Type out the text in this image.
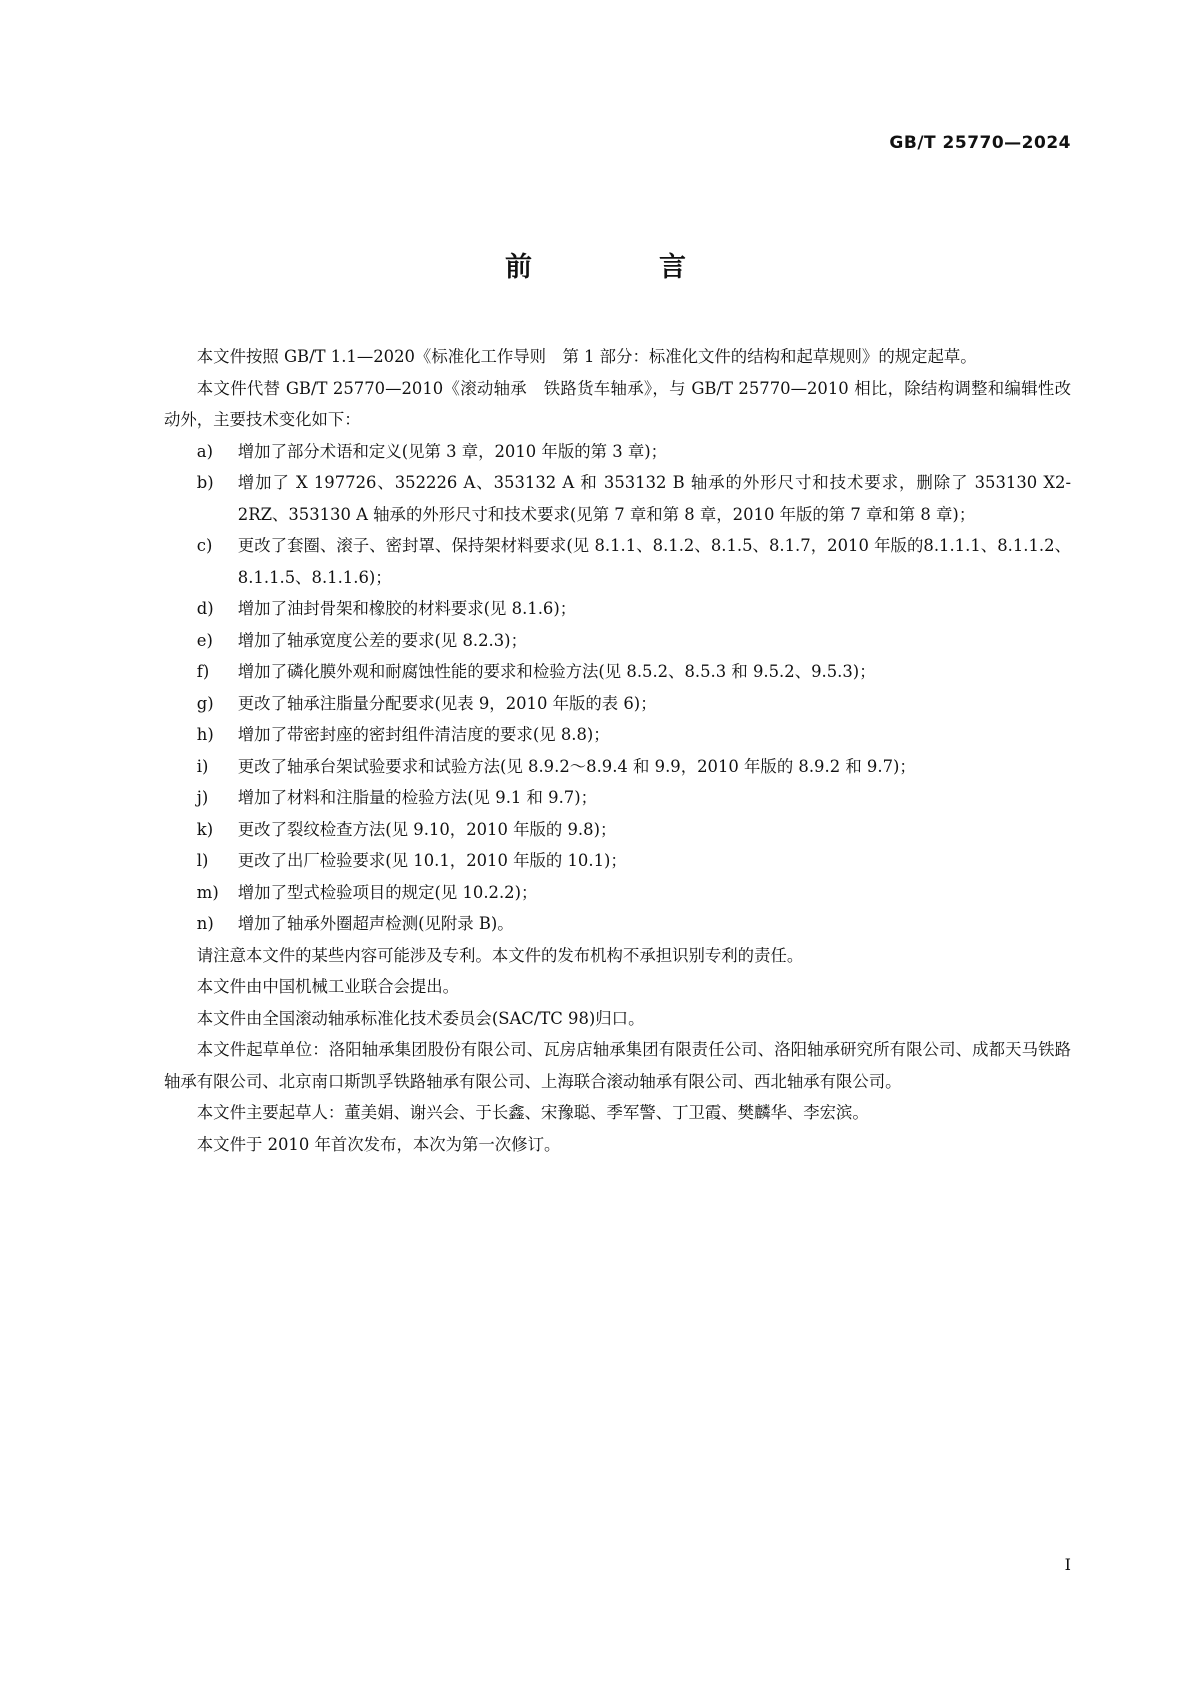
GB/T 25770—2024
前　言

本文件按照 GB/T 1.1—2020《标准化工作导则　第 1 部分：标准化文件的结构和起草规则》的规定起草。

本文件代替 GB/T 25770—2010《滚动轴承　铁路货车轴承》，与 GB/T 25770—2010 相比，除结构调整和编辑性改动外，主要技术变化如下：

a)	增加了部分术语和定义(见第 3 章，2010 年版的第 3 章)；
b)	增加了 X 197726、352226 A、353132 A 和 353132 B 轴承的外形尺寸和技术要求，删除了 353130 X2-2RZ、353130 A 轴承的外形尺寸和技术要求(见第 7 章和第 8 章，2010 年版的第 7 章和第 8 章)；
c)	更改了套圈、滚子、密封罩、保持架材料要求(见 8.1.1、8.1.2、8.1.5、8.1.7，2010 年版的8.1.1.1、8.1.1.2、8.1.1.5、8.1.1.6)；
d)	增加了油封骨架和橡胶的材料要求(见 8.1.6)；
e)	增加了轴承宽度公差的要求(见 8.2.3)；
f)	增加了磷化膜外观和耐腐蚀性能的要求和检验方法(见 8.5.2、8.5.3 和 9.5.2、9.5.3)；
g)	更改了轴承注脂量分配要求(见表 9，2010 年版的表 6)；
h)	增加了带密封座的密封组件清洁度的要求(见 8.8)；
i)	更改了轴承台架试验要求和试验方法(见 8.9.2～8.9.4 和 9.9，2010 年版的 8.9.2 和 9.7)；
j)	增加了材料和注脂量的检验方法(见 9.1 和 9.7)；
k)	更改了裂纹检查方法(见 9.10，2010 年版的 9.8)；
l)	更改了出厂检验要求(见 10.1，2010 年版的 10.1)；
m)	增加了型式检验项目的规定(见 10.2.2)；
n)	增加了轴承外圈超声检测(见附录 B)。

请注意本文件的某些内容可能涉及专利。本文件的发布机构不承担识别专利的责任。

本文件由中国机械工业联合会提出。

本文件由全国滚动轴承标准化技术委员会(SAC/TC 98)归口。

本文件起草单位：洛阳轴承集团股份有限公司、瓦房店轴承集团有限责任公司、洛阳轴承研究所有限公司、成都天马铁路轴承有限公司、北京南口斯凯孚铁路轴承有限公司、上海联合滚动轴承有限公司、西北轴承有限公司。

本文件主要起草人：董美娟、谢兴会、于长鑫、宋豫聪、季军警、丁卫霞、樊麟华、李宏滨。

本文件于 2010 年首次发布，本次为第一次修订。

I
